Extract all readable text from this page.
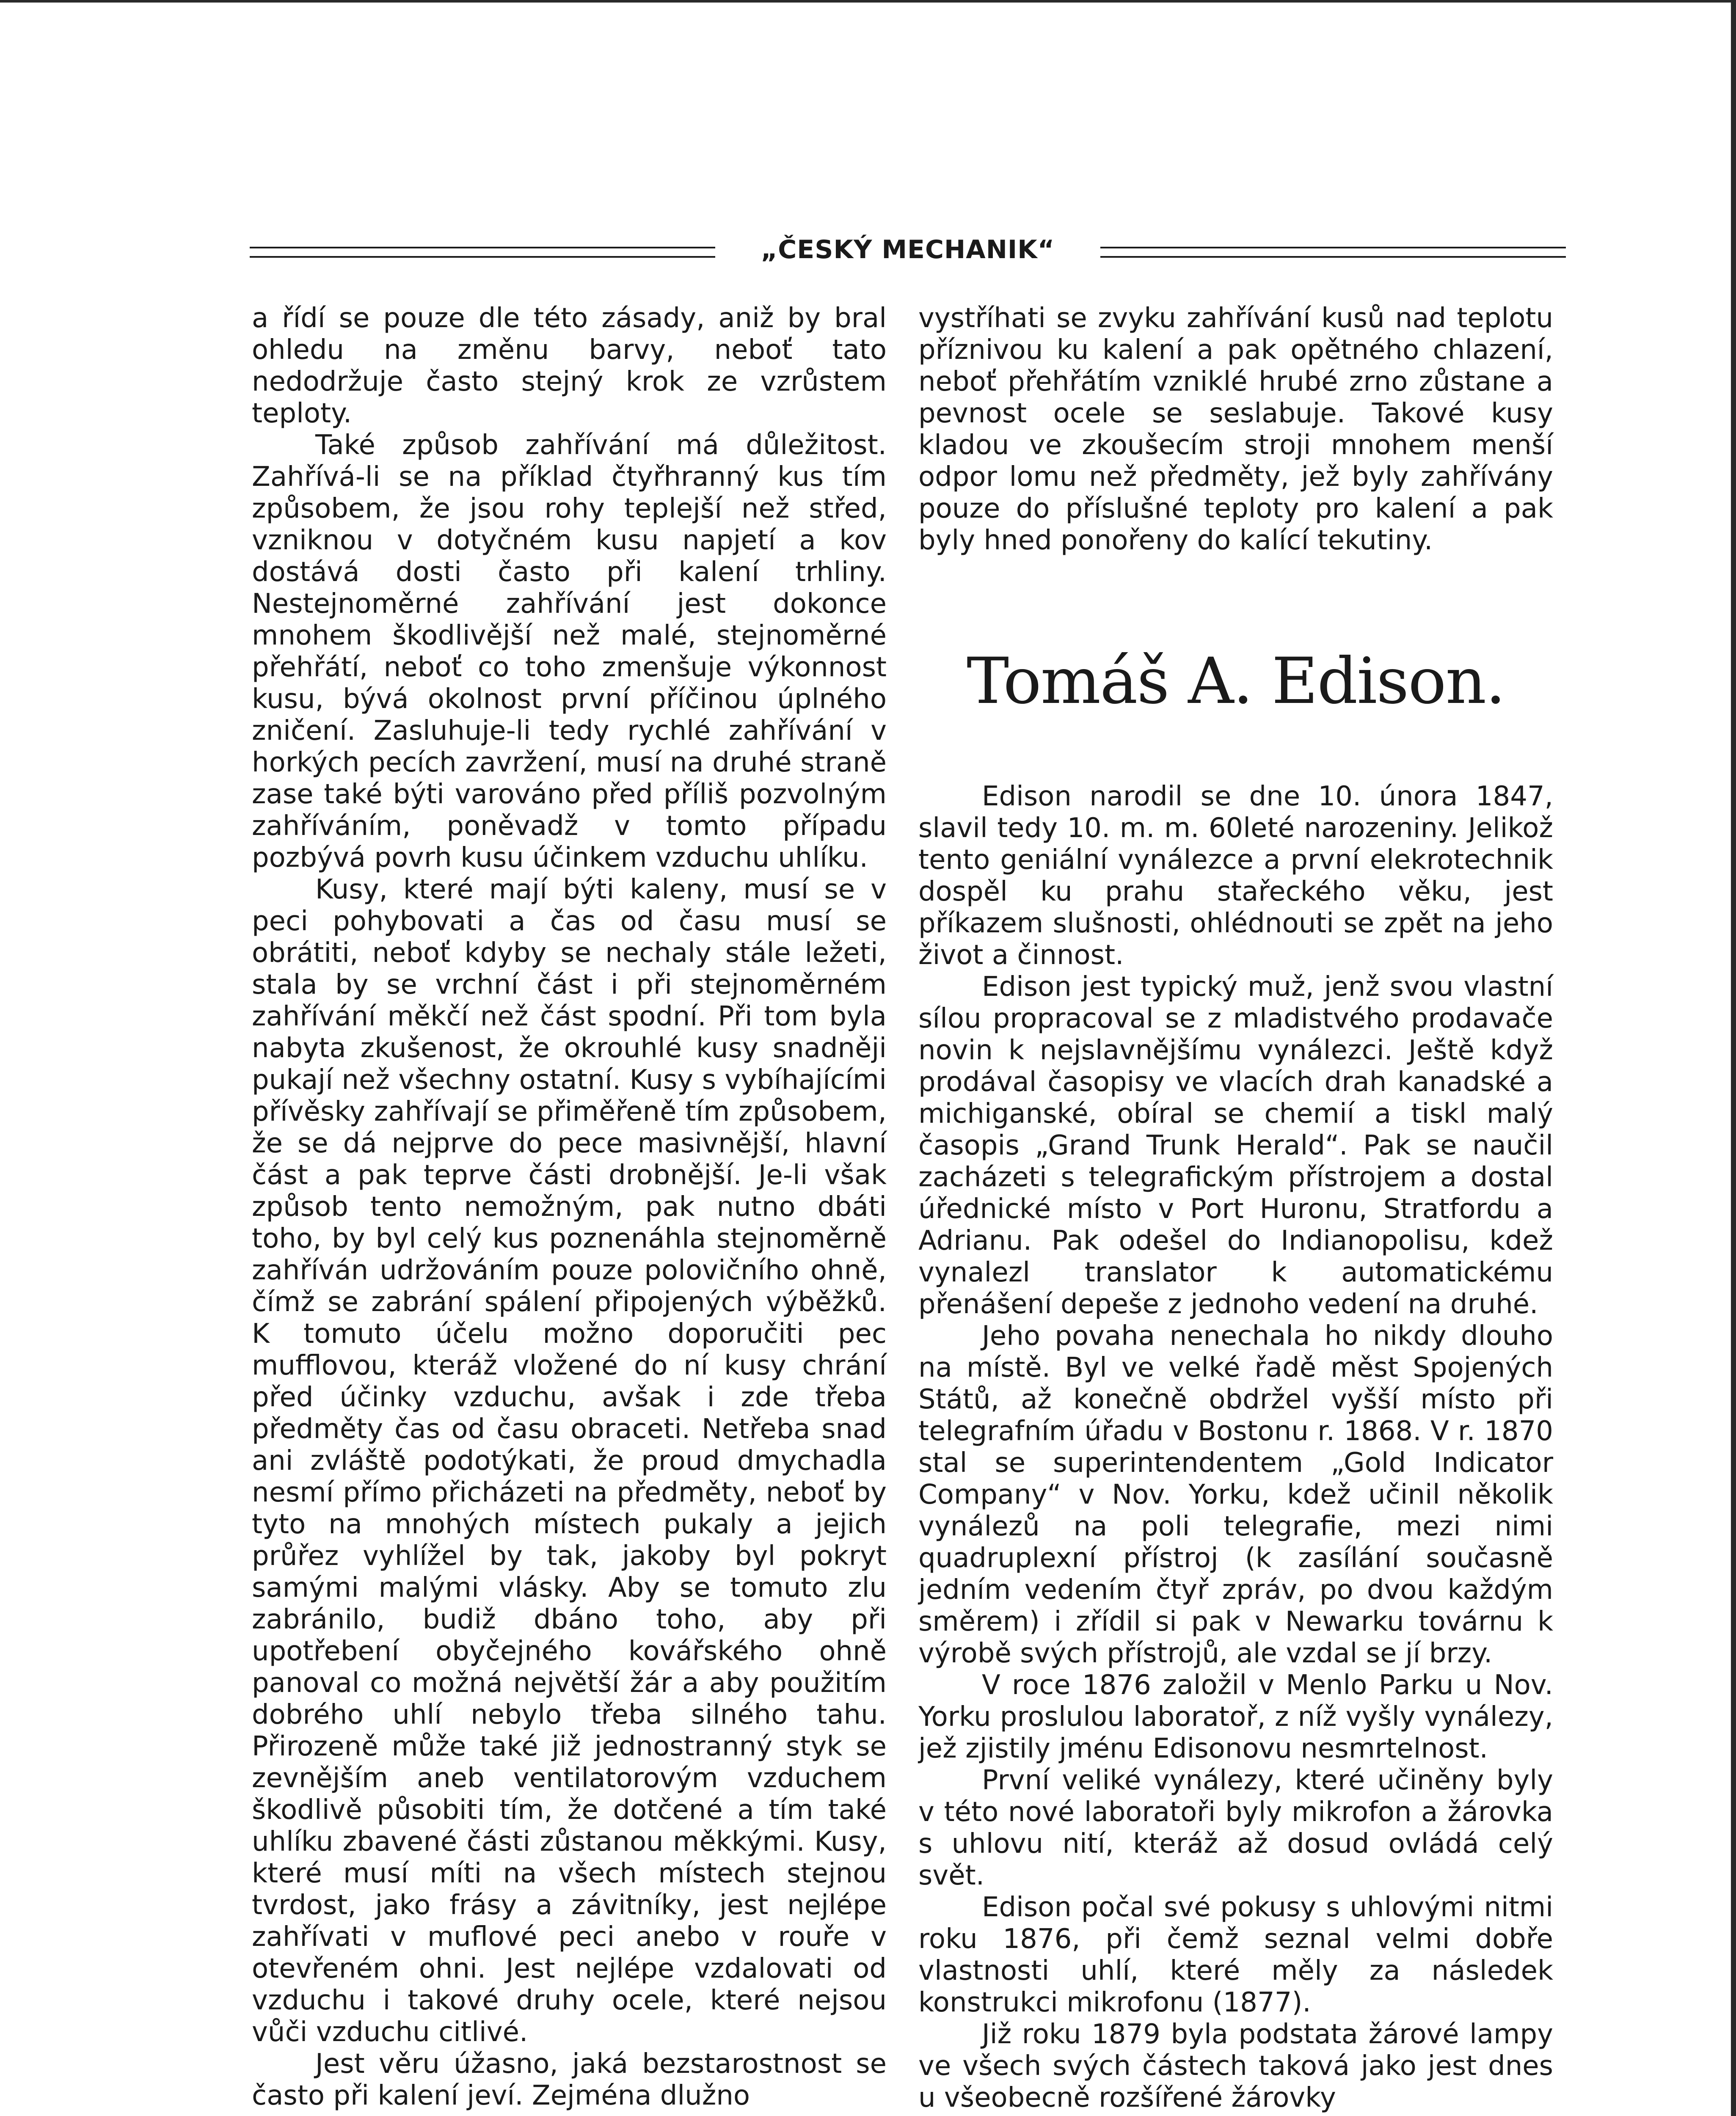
„ČESKÝ MECHANIK“

a řídí se pouze dle této zásady, aniž by bral ohledu na změnu barvy, neboť tato nedodržuje často stejný krok ze vzrůstem teploty.

Také způsob zahřívání má důležitost. Zahřívá-li se na příklad čtyřhranný kus tím způsobem, že jsou rohy teplejší než střed, vzniknou v dotyčném kusu napjetí a kov dostává dosti často při kalení trhliny. Nestejnoměrné zahřívání jest dokonce mnohem škodlivější než malé, stejnoměrné přehřátí, neboť co toho zmenšuje výkonnost kusu, bývá okolnost první příčinou úplného zničení. Zasluhuje-li tedy rychlé zahřívání v horkých pecích zavržení, musí na druhé straně zase také býti varováno před příliš pozvolným zahříváním, poněvadž v tomto případu pozbývá povrh kusu účinkem vzduchu uhlíku.

Kusy, které mají býti kaleny, musí se v peci pohybovati a čas od času musí se obrátiti, neboť kdyby se nechaly stále ležeti, stala by se vrchní část i při stejnoměrném zahřívání měkčí než část spodní. Při tom byla nabyta zkušenost, že okrouhlé kusy snadněji pukají než všechny ostatní. Kusy s vybíhajícími přívěsky zahřívají se přiměřeně tím způsobem, že se dá nejprve do pece masivnější, hlavní část a pak teprve části drobnější. Je-li však způsob tento nemožným, pak nutno dbáti toho, by byl celý kus poznenáhla stejnoměrně zahříván udržováním pouze polovičního ohně, čímž se zabrání spálení připojených výběžků. K tomuto účelu možno doporučiti pec mufflovou, kteráž vložené do ní kusy chrání před účinky vzduchu, avšak i zde třeba předměty čas od času obraceti. Netřeba snad ani zvláště podotýkati, že proud dmychadla nesmí přímo přicházeti na předměty, neboť by tyto na mnohých místech pukaly a jejich průřez vyhlížel by tak, jakoby byl pokryt samými malými vlásky. Aby se tomuto zlu zabránilo, budiž dbáno toho, aby při upotřebení obyčejného kovářského ohně panoval co možná největší žár a aby použitím dobrého uhlí nebylo třeba silného tahu. Přirozeně může také již jednostranný styk se zevnějším aneb ventilatorovým vzduchem škodlivě působiti tím, že dotčené a tím také uhlíku zbavené části zůstanou měkkými. Kusy, které musí míti na všech místech stejnou tvrdost, jako frásy a závitníky, jest nejlépe zahřívati v muflové peci anebo v rouře v otevřeném ohni. Jest nejlépe vzdalovati od vzduchu i takové druhy ocele, které nejsou vůči vzduchu citlivé.

Jest věru úžasno, jaká bezstarostnost se často při kalení jeví. Zejména dlužno

vystříhati se zvyku zahřívání kusů nad teplotu příznivou ku kalení a pak opětného chlazení, neboť přehřátím vzniklé hrubé zrno zůstane a pevnost ocele se seslabuje. Takové kusy kladou ve zkoušecím stroji mnohem menší odpor lomu než předměty, jež byly zahřívány pouze do příslušné teploty pro kalení a pak byly hned ponořeny do kalící tekutiny.

Tomáš A. Edison.

Edison narodil se dne 10. února 1847, slavil tedy 10. m. m. 60leté narozeniny. Jelikož tento geniální vynálezce a první elekrotechnik dospěl ku prahu stařeckého věku, jest příkazem slušnosti, ohlédnouti se zpět na jeho život a činnost.

Edison jest typický muž, jenž svou vlastní sílou propracoval se z mladistvého prodavače novin k nejslavnějšímu vynálezci. Ještě když prodával časopisy ve vlacích drah kanadské a michiganské, obíral se chemií a tiskl malý časopis „Grand Trunk Herald“. Pak se naučil zacházeti s telegrafickým přístrojem a dostal úřednické místo v Port Huronu, Stratfordu a Adrianu. Pak odešel do Indianopolisu, kdež vynalezl translator k automatickému přenášení depeše z jednoho vedení na druhé.

Jeho povaha nenechala ho nikdy dlouho na místě. Byl ve velké řadě měst Spojených Států, až konečně obdržel vyšší místo při telegrafním úřadu v Bostonu r. 1868. V r. 1870 stal se superintendentem „Gold Indicator Company“ v Nov. Yorku, kdež učinil několik vynálezů na poli telegrafie, mezi nimi quadruplexní přístroj (k zasílání současně jedním vedením čtyř zpráv, po dvou každým směrem) i zřídil si pak v Newarku továrnu k výrobě svých přístrojů, ale vzdal se jí brzy.

V roce 1876 založil v Menlo Parku u Nov. Yorku proslulou laboratoř, z níž vyšly vynálezy, jež zjistily jménu Edisonovu nesmrtelnost.

První veliké vynálezy, které učiněny byly v této nové laboratoři byly mikrofon a žárovka s uhlovu nití, kteráž až dosud ovládá celý svět.

Edison počal své pokusy s uhlovými nitmi roku 1876, při čemž seznal velmi dobře vlastnosti uhlí, které měly za následek konstrukci mikrofonu (1877).

Již roku 1879 byla podstata žárové lampy ve všech svých částech taková jako jest dnes u všeobecně rozšířené žárovky
